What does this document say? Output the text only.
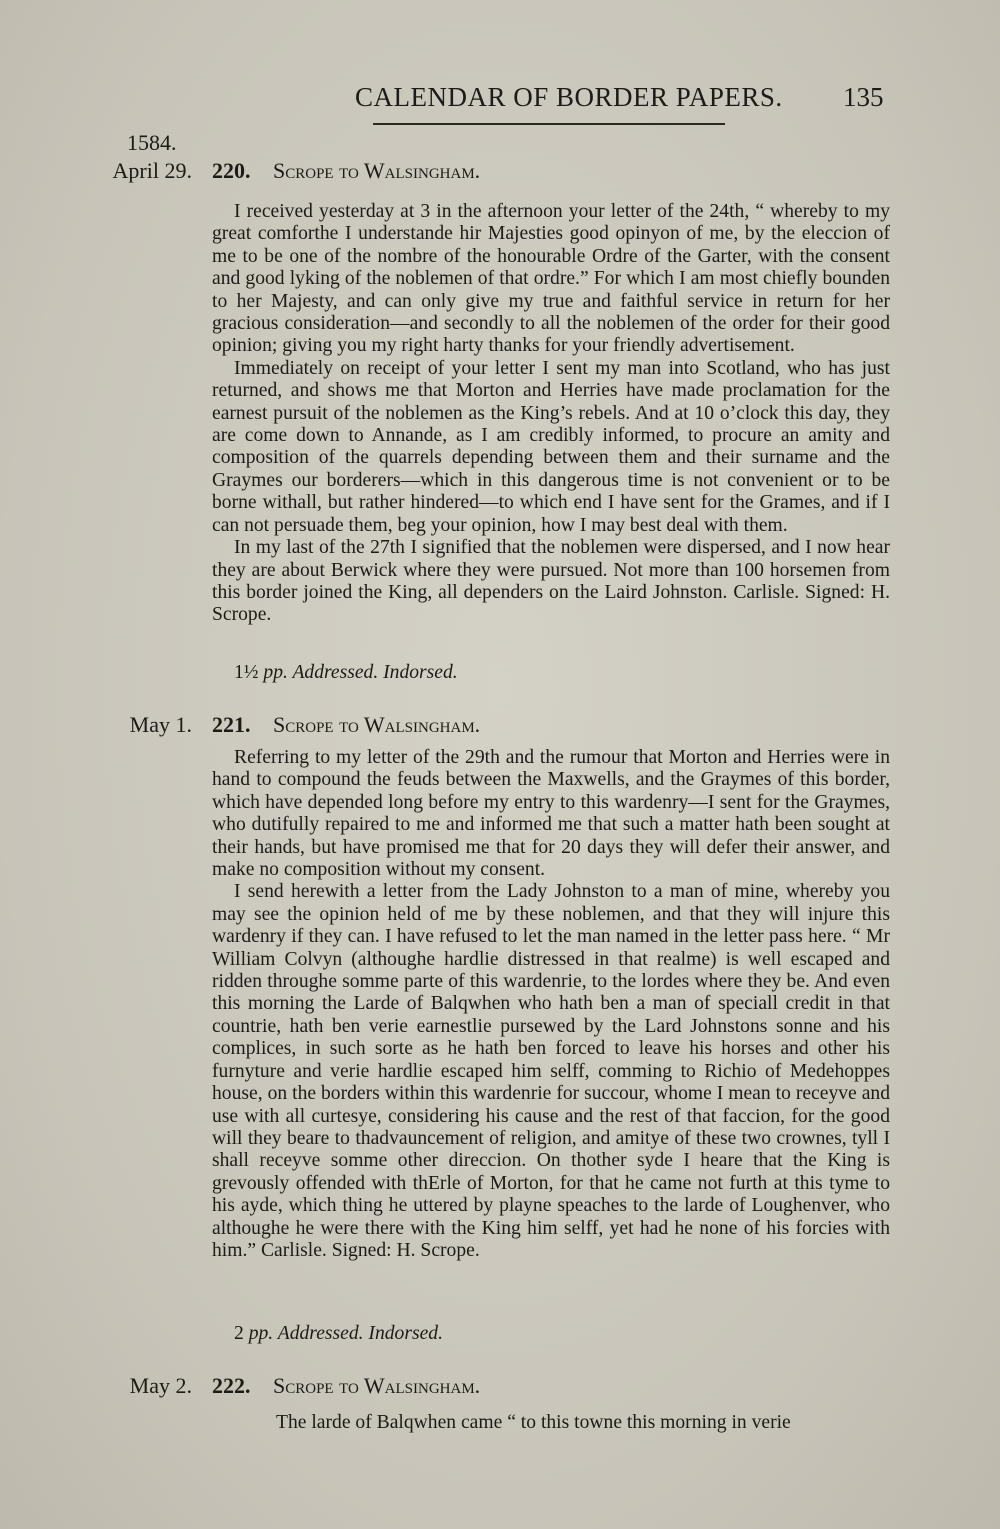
CALENDAR OF BORDER PAPERS. 135
1584.
April 29. 220. Scrope to Walsingham.

I received yesterday at 3 in the afternoon your letter of the 24th, “ whereby to my great comforthe I understande hir Majesties good opinyon of me, by the eleccion of me to be one of the nombre of the honourable Ordre of the Garter, with the consent and good lyking of the noblemen of that ordre.” For which I am most chiefly bounden to her Majesty, and can only give my true and faithful service in return for her gracious consideration—and secondly to all the noblemen of the order for their good opinion; giving you my right harty thanks for your friendly advertisement.

Immediately on receipt of your letter I sent my man into Scotland, who has just returned, and shows me that Morton and Herries have made proclamation for the earnest pursuit of the noblemen as the King’s rebels. And at 10 o’clock this day, they are come down to Annande, as I am credibly informed, to procure an amity and composition of the quarrels depending between them and their surname and the Graymes our borderers—which in this dangerous time is not convenient or to be borne withall, but rather hindered—to which end I have sent for the Grames, and if I can not persuade them, beg your opinion, how I may best deal with them.

In my last of the 27th I signified that the noblemen were dispersed, and I now hear they are about Berwick where they were pursued. Not more than 100 horsemen from this border joined the King, all dependers on the Laird Johnston. Carlisle. Signed: H. Scrope.

1½ pp. Addressed. Indorsed.
May 1. 221. Scrope to Walsingham.

Referring to my letter of the 29th and the rumour that Morton and Herries were in hand to compound the feuds between the Maxwells, and the Graymes of this border, which have depended long before my entry to this wardenry—I sent for the Graymes, who dutifully repaired to me and informed me that such a matter hath been sought at their hands, but have promised me that for 20 days they will defer their answer, and make no composition without my consent.

I send herewith a letter from the Lady Johnston to a man of mine, whereby you may see the opinion held of me by these noblemen, and that they will injure this wardenry if they can. I have refused to let the man named in the letter pass here. “ Mr William Colvyn (althoughe hardlie distressed in that realme) is well escaped and ridden throughe somme parte of this wardenrie, to the lordes where they be. And even this morning the Larde of Balqwhen who hath ben a man of speciall credit in that countrie, hath ben verie earnestlie pursewed by the Lard Johnstons sonne and his complices, in such sorte as he hath ben forced to leave his horses and other his furnyture and verie hardlie escaped him selff, comming to Richio of Medehoppes house, on the borders within this wardenrie for succour, whome I mean to receyve and use with all curtesye, considering his cause and the rest of that faccion, for the good will they beare to thadvauncement of religion, and amitye of these two crownes, tyll I shall receyve somme other direccion. On thother syde I heare that the King is grevously offended with thErle of Morton, for that he came not furth at this tyme to his ayde, which thing he uttered by playne speaches to the larde of Loughenver, who althoughe he were there with the King him selff, yet had he none of his forcies with him.” Carlisle. Signed: H. Scrope.

2 pp. Addressed. Indorsed.
May 2. 222. Scrope to Walsingham.

The larde of Balqwhen came “ to this towne this morning in verie
